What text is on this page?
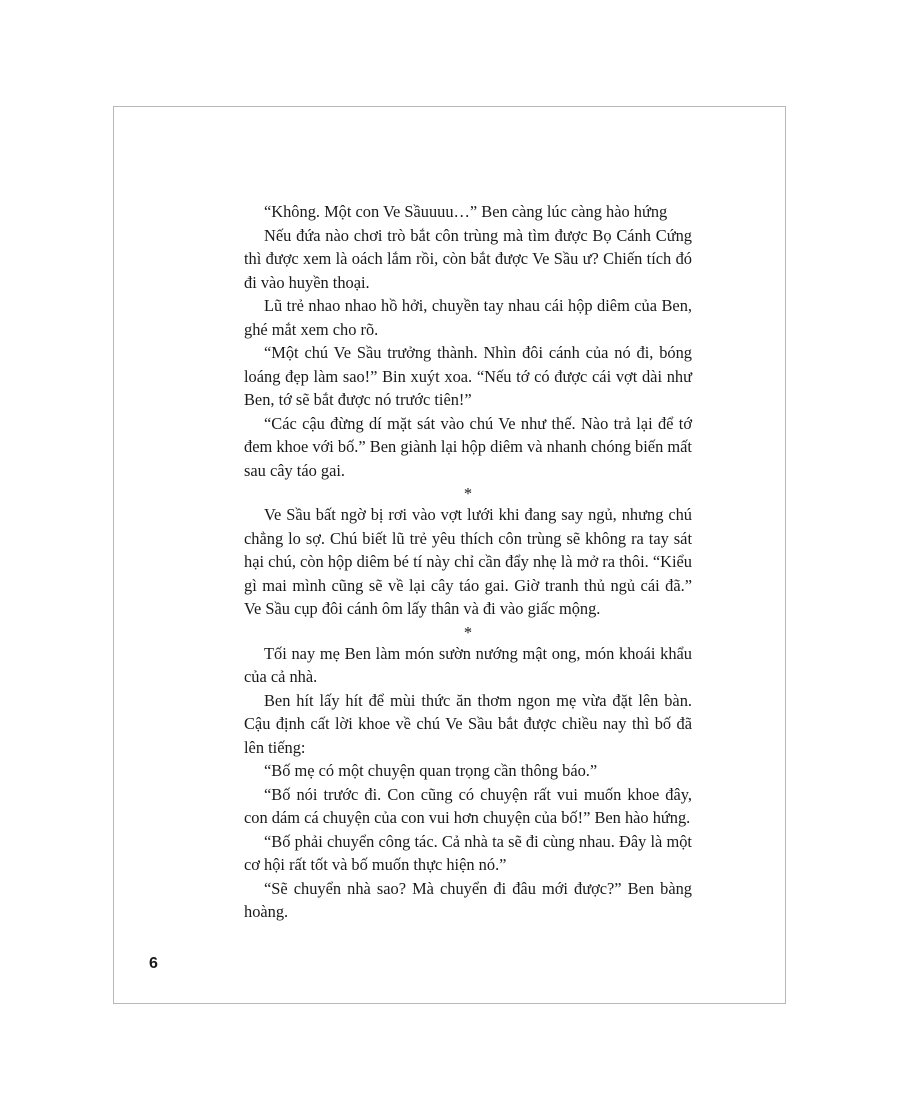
“Không. Một con Ve Sầuuuu…” Ben càng lúc càng hào hứng

Nếu đứa nào chơi trò bắt côn trùng mà tìm được Bọ Cánh Cứng thì được xem là oách lắm rồi, còn bắt được Ve Sầu ư? Chiến tích đó đi vào huyền thoại.

Lũ trẻ nhao nhao hồ hởi, chuyền tay nhau cái hộp diêm của Ben, ghé mắt xem cho rõ.

“Một chú Ve Sầu trưởng thành. Nhìn đôi cánh của nó đi, bóng loáng đẹp làm sao!” Bin xuýt xoa. “Nếu tớ có được cái vợt dài như Ben, tớ sẽ bắt được nó trước tiên!”

“Các cậu đừng dí mặt sát vào chú Ve như thế. Nào trả lại để tớ đem khoe với bố.” Ben giành lại hộp diêm và nhanh chóng biến mất sau cây táo gai.

*

Ve Sầu bất ngờ bị rơi vào vợt lưới khi đang say ngủ, nhưng chú chẳng lo sợ. Chú biết lũ trẻ yêu thích côn trùng sẽ không ra tay sát hại chú, còn hộp diêm bé tí này chỉ cần đẩy nhẹ là mở ra thôi. “Kiểu gì mai mình cũng sẽ về lại cây táo gai. Giờ tranh thủ ngủ cái đã.” Ve Sầu cụp đôi cánh ôm lấy thân và đi vào giấc mộng.

*

Tối nay mẹ Ben làm món sườn nướng mật ong, món khoái khẩu của cả nhà.

Ben hít lấy hít để mùi thức ăn thơm ngon mẹ vừa đặt lên bàn. Cậu định cất lời khoe về chú Ve Sầu bắt được chiều nay thì bố đã lên tiếng:

“Bố mẹ có một chuyện quan trọng cần thông báo.”

“Bố nói trước đi. Con cũng có chuyện rất vui muốn khoe đây, con dám cá chuyện của con vui hơn chuyện của bố!” Ben hào hứng.

“Bố phải chuyển công tác. Cả nhà ta sẽ đi cùng nhau. Đây là một cơ hội rất tốt và bố muốn thực hiện nó.”

“Sẽ chuyển nhà sao? Mà chuyển đi đâu mới được?” Ben bàng hoàng.

6
